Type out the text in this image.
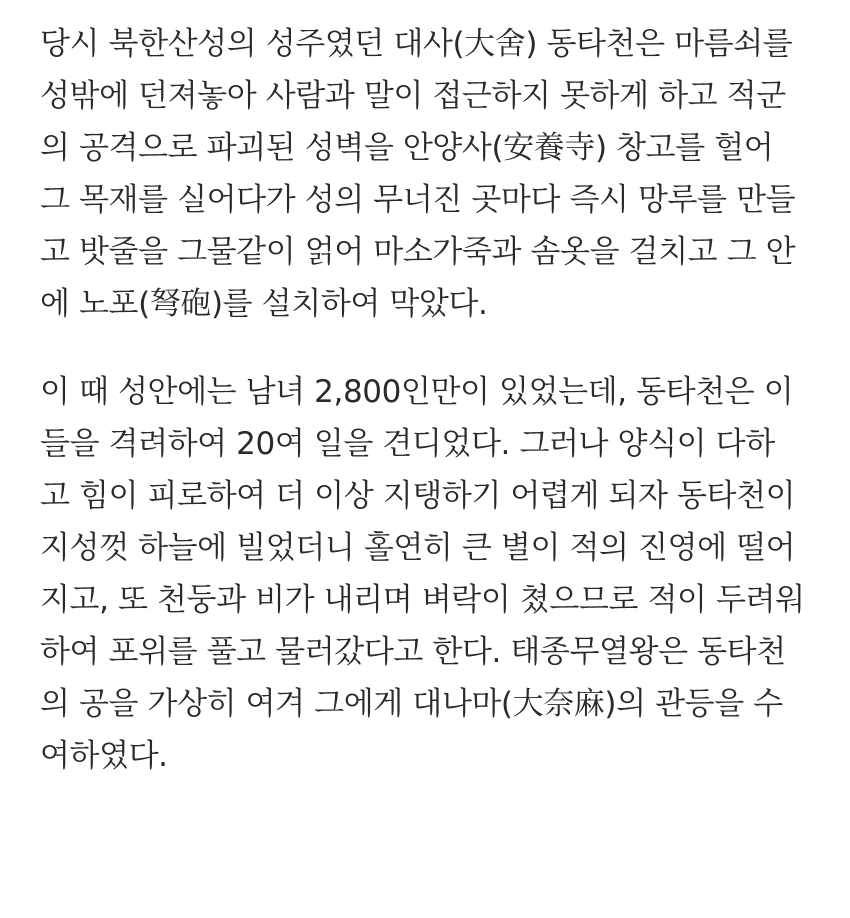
당시 북한산성의 성주였던 대사(大舍) 동타천은 마름쇠를
성밖에 던져놓아 사람과 말이 접근하지 못하게 하고 적군
의 공격으로 파괴된 성벽을 안양사(安養寺) 창고를 헐어
그 목재를 실어다가 성의 무너진 곳마다 즉시 망루를 만들
고 밧줄을 그물같이 얽어 마소가죽과 솜옷을 걸치고 그 안
에 노포(弩砲)를 설치하여 막았다.

이 때 성안에는 남녀 2,800인만이 있었는데, 동타천은 이
들을 격려하여 20여 일을 견디었다. 그러나 양식이 다하
고 힘이 피로하여 더 이상 지탱하기 어렵게 되자 동타천이
지성껏 하늘에 빌었더니 홀연히 큰 별이 적의 진영에 떨어
지고, 또 천둥과 비가 내리며 벼락이 쳤으므로 적이 두려워
하여 포위를 풀고 물러갔다고 한다. 태종무열왕은 동타천
의 공을 가상히 여겨 그에게 대나마(大奈麻)의 관등을 수
여하였다.
